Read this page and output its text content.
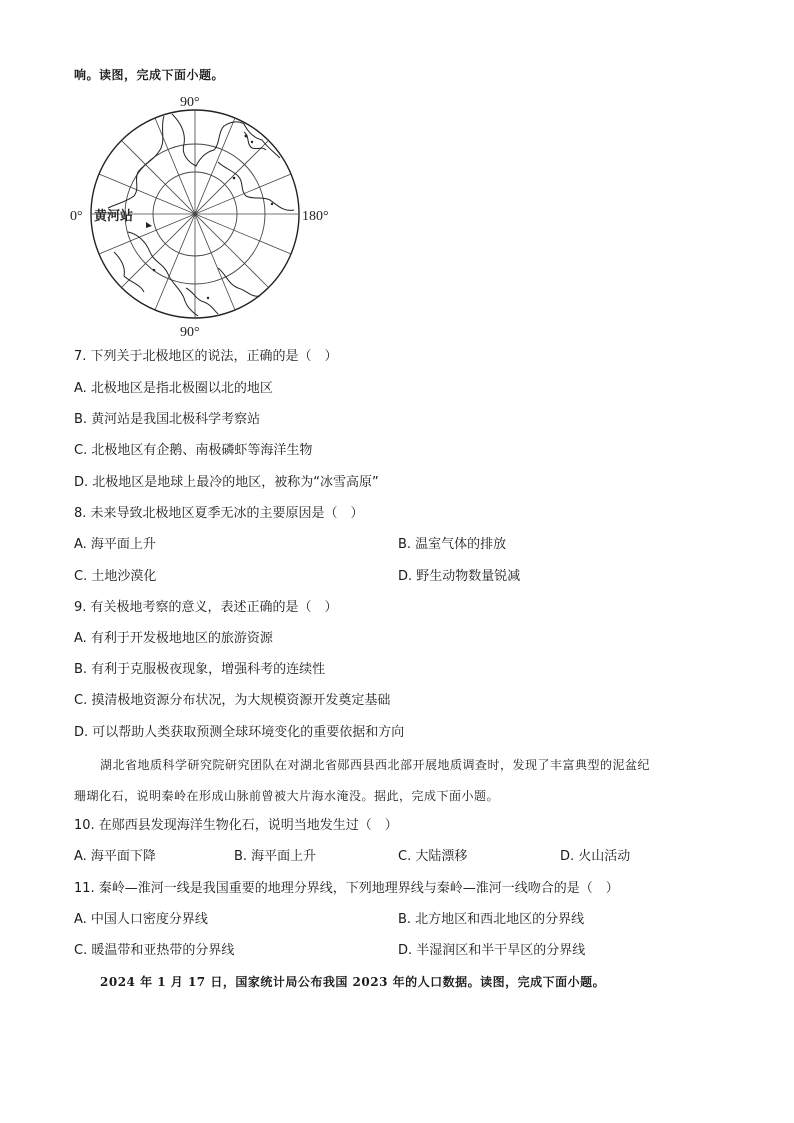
响。读图，完成下面小题。
90°
90°
0°	180°
黄河站
7. 下列关于北极地区的说法，正确的是（　）
A. 北极地区是指北极圈以北的地区
B. 黄河站是我国北极科学考察站
C. 北极地区有企鹅、南极磷虾等海洋生物
D. 北极地区是地球上最冷的地区，被称为“冰雪高原”
8. 未来导致北极地区夏季无冰的主要原因是（　）
A. 海平面上升	B. 温室气体的排放
C. 土地沙漠化	D. 野生动物数量锐减
9. 有关极地考察的意义，表述正确的是（　）
A. 有利于开发极地地区的旅游资源
B. 有利于克服极夜现象，增强科考的连续性
C. 摸清极地资源分布状况，为大规模资源开发奠定基础
D. 可以帮助人类获取预测全球环境变化的重要依据和方向
湖北省地质科学研究院研究团队在对湖北省郧西县西北部开展地质调查时，发现了丰富典型的泥盆纪
珊瑚化石，说明秦岭在形成山脉前曾被大片海水淹没。据此，完成下面小题。
10. 在郧西县发现海洋生物化石，说明当地发生过（　）
A. 海平面下降	B. 海平面上升	C. 大陆漂移	D. 火山活动
11. 秦岭—淮河一线是我国重要的地理分界线，下列地理界线与秦岭—淮河一线吻合的是（　）
A. 中国人口密度分界线	B. 北方地区和西北地区的分界线
C. 暖温带和亚热带的分界线	D. 半湿润区和半干旱区的分界线
2024 年 1 月 17 日，国家统计局公布我国 2023 年的人口数据。读图，完成下面小题。
